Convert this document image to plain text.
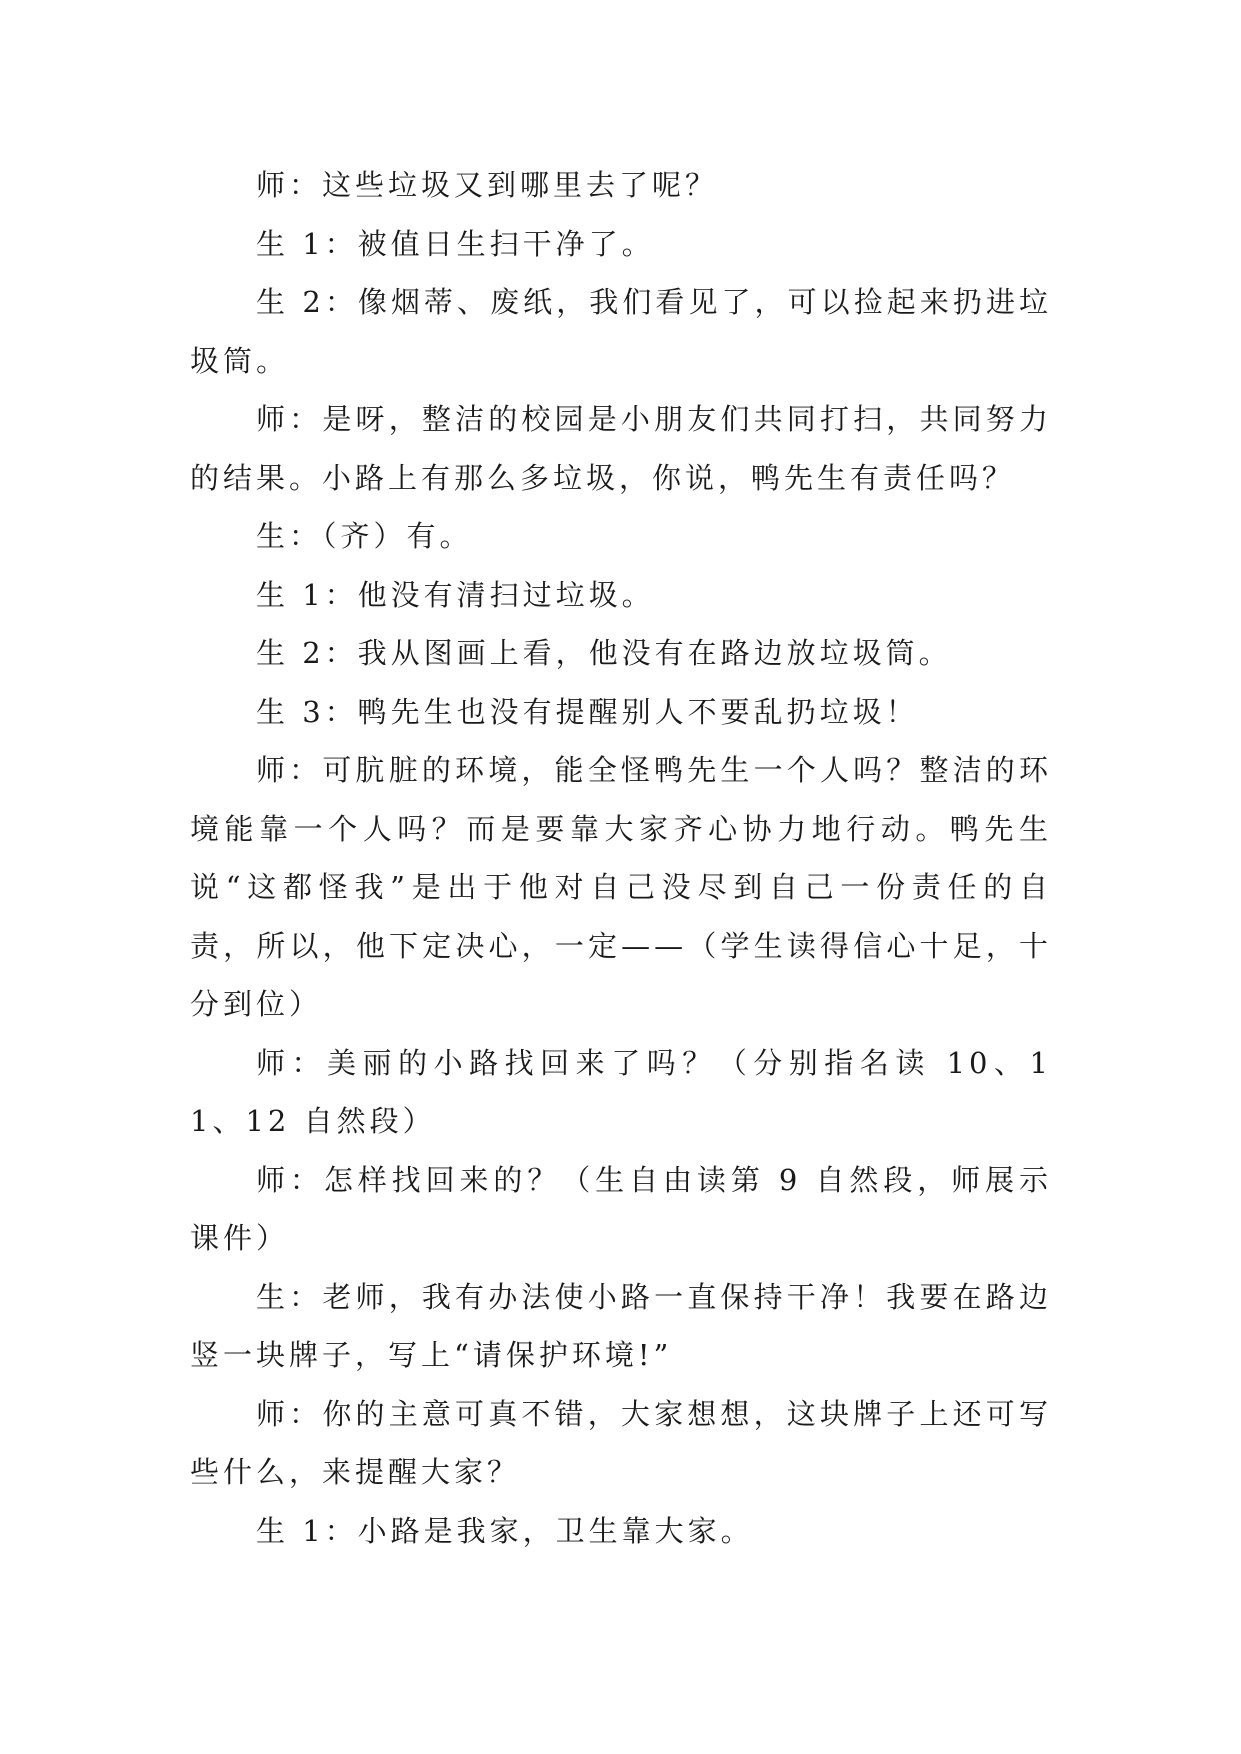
师：这些垃圾又到哪里去了呢？

生 1：被值日生扫干净了。

生 2：像烟蒂、废纸，我们看见了，可以捡起来扔进垃圾筒。

师：是呀，整洁的校园是小朋友们共同打扫，共同努力的结果。小路上有那么多垃圾，你说，鸭先生有责任吗？

生：（齐）有。

生 1：他没有清扫过垃圾。

生 2：我从图画上看，他没有在路边放垃圾筒。

生 3：鸭先生也没有提醒别人不要乱扔垃圾！

师：可肮脏的环境，能全怪鸭先生一个人吗？整洁的环境能靠一个人吗？而是要靠大家齐心协力地行动。鸭先生说“这都怪我”是出于他对自己没尽到自己一份责任的自责，所以，他下定决心，一定——（学生读得信心十足，十分到位）

师：美丽的小路找回来了吗？（分别指名读 10、11、12 自然段）

师：怎样找回来的？（生自由读第 9 自然段，师展示课件）

生：老师，我有办法使小路一直保持干净！我要在路边竖一块牌子，写上“请保护环境!”

师：你的主意可真不错，大家想想，这块牌子上还可写些什么，来提醒大家？

生 1：小路是我家，卫生靠大家。
